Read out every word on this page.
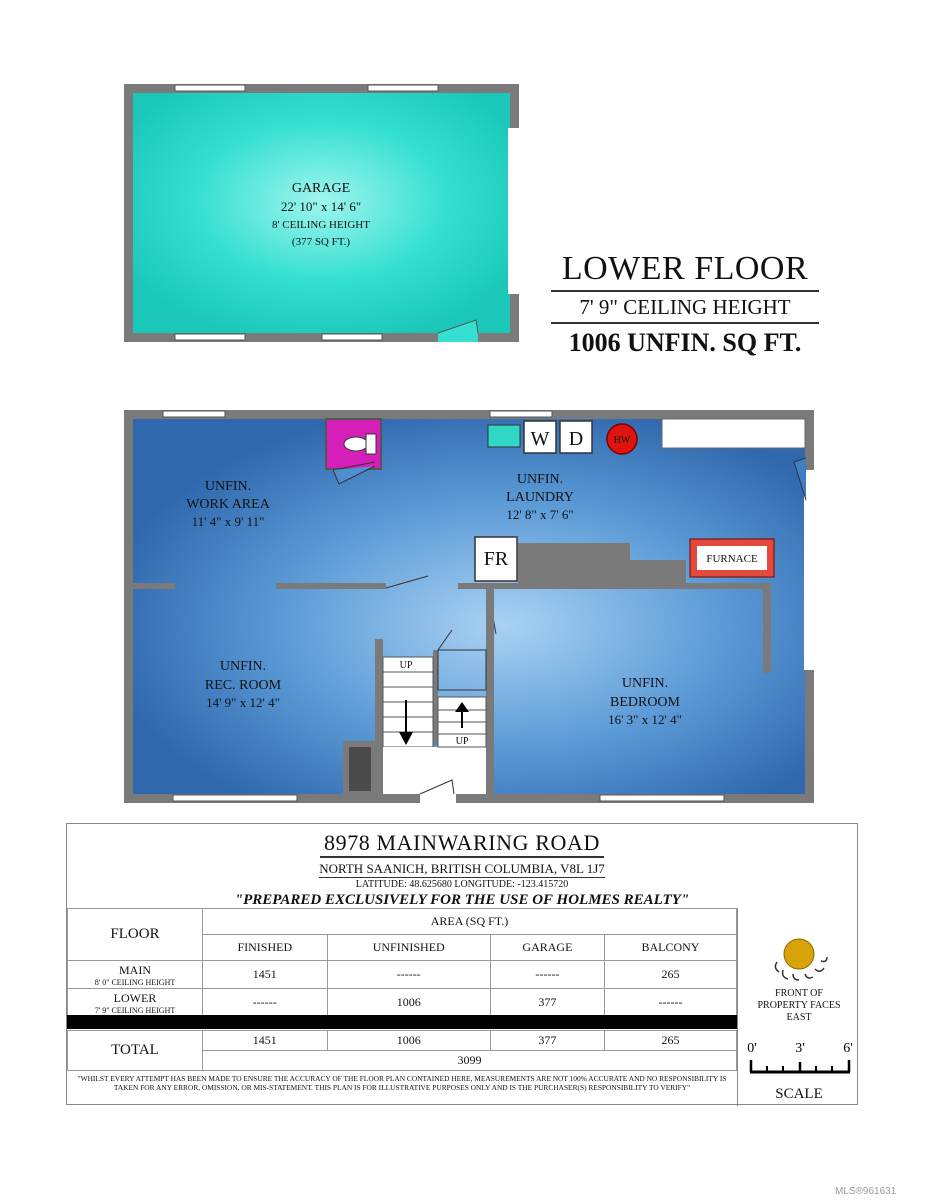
GARAGE
22' 10" x 14' 6"
8' CEILING HEIGHT
(377 SQ FT.)
UP
UP
W D	HW
FR	FURNACE
UNFIN.
WORK AREA
11' 4" x 9' 11"
UNFIN.
LAUNDRY
12' 8" x 7' 6"
UNFIN.
REC. ROOM
14' 9" x 12' 4"
UNFIN.
BEDROOM
16' 3" x 12' 4"
LOWER FLOOR
7' 9" CEILING HEIGHT
1006 UNFIN. SQ FT.
8978 MAINWARING ROAD
NORTH SAANICH, BRITISH COLUMBIA, V8L 1J7
LATITUDE: 48.625680 LONGITUDE: -123.415720
"PREPARED EXCLUSIVELY FOR THE USE OF HOLMES REALTY"
FLOOR	AREA (SQ FT.)			
	FINISHED	UNFINISHED	GARAGE	BALCONY
MAIN
8' 0" CEILING HEIGHT	1451	------	------	265
LOWER
7' 9" CEILING HEIGHT	------	1006	377	------

TOTAL	1451	1006	377	265
	3099			
"WHILST EVERY ATTEMPT HAS BEEN MADE TO ENSURE THE ACCURACY OF THE FLOOR PLAN CONTAINED HERE, MEASUREMENTS ARE NOT 100% ACCURATE AND NO RESPONSIBILITY IS TAKEN FOR ANY ERROR, OMISSION, OR MIS-STATEMENT. THIS PLAN IS FOR ILLUSTRATIVE PURPOSES ONLY AND IS THE PURCHASER(S) RESPONSIBILITY TO VERIFY"
FRONT OF
PROPERTY FACES
EAST
0'	3'	6'
SCALE
MLS®961631
